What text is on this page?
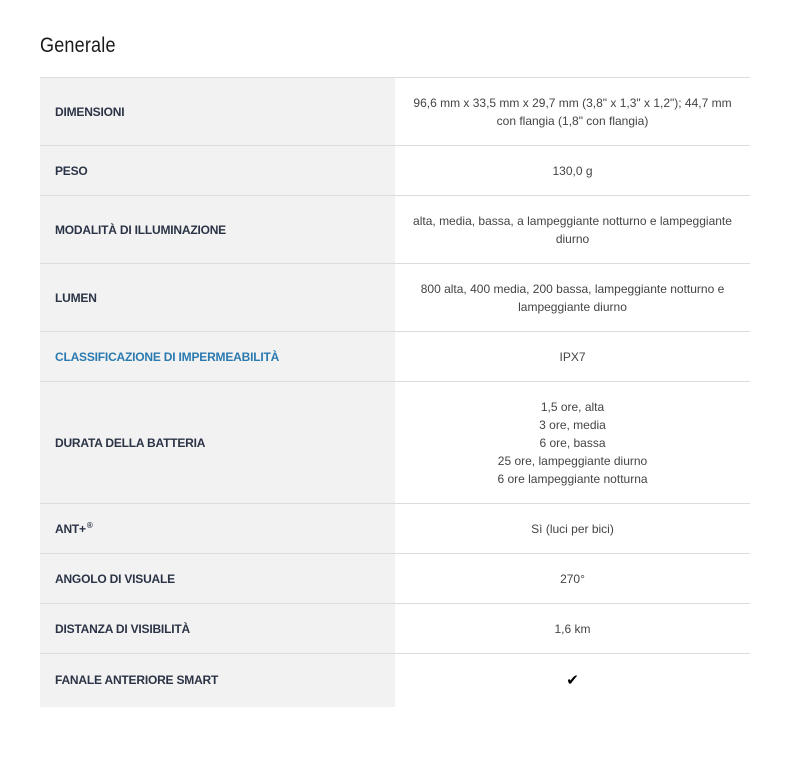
Generale
DIMENSIONI	96,6 mm x 33,5 mm x 29,7 mm (3,8" x 1,3" x 1,2"); 44,7 mm
con flangia (1,8" con flangia)

PESO	130,0 g

MODALITÀ DI ILLUMINAZIONE	alta, media, bassa, a lampeggiante notturno e lampeggiante
diurno

LUMEN	800 alta, 400 media, 200 bassa, lampeggiante notturno e
lampeggiante diurno

CLASSIFICAZIONE DI IMPERMEABILITÀ	IPX7

DURATA DELLA BATTERIA	1,5 ore, alta
3 ore, media
6 ore, bassa
25 ore, lampeggiante diurno
6 ore lampeggiante notturna

ANT+®	Sì (luci per bici)

ANGOLO DI VISUALE	270°

DISTANZA DI VISIBILITÀ	1,6 km

FANALE ANTERIORE SMART	✔
